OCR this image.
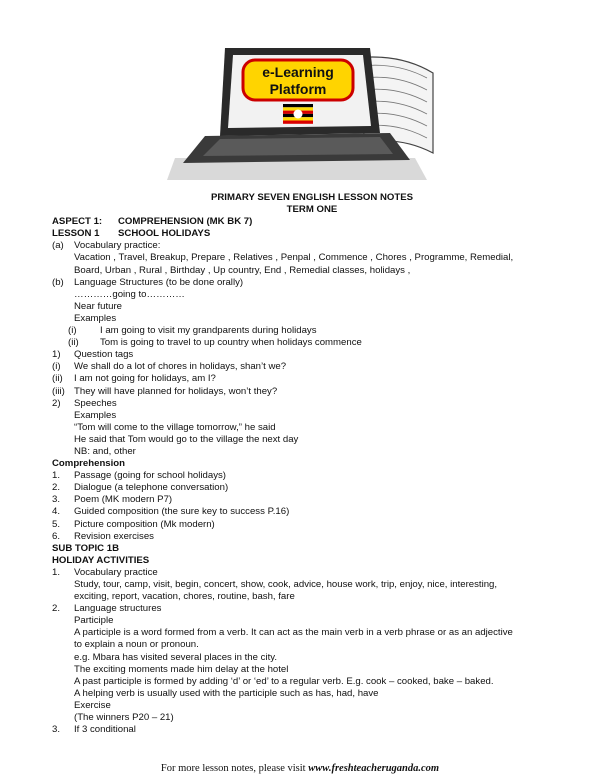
e-Learning
Platform
PRIMARY SEVEN ENGLISH LESSON NOTES
TERM ONE
ASPECT 1: COMPREHENSION (MK BK 7)
LESSON 1 SCHOOL HOLIDAYS
(a)	Vocabulary practice:
Vacation , Travel, Breakup, Prepare , Relatives , Penpal , Commence , Chores , Programme, Remedial,
Board, Urban , Rural , Birthday , Up country, End , Remedial classes, holidays ,
(b)	Language Structures (to be done orally)
…………going to…………
Near future
Examples
(i)	I am going to visit my grandparents during holidays
(ii)	Tom is going to travel to up country when holidays commence
1)	Question tags
(i)	We shall do a lot of chores in holidays, shan’t we?
(ii)	I am not going for holidays, am I?
(iii) They will have planned for holidays, won’t they?
2)	Speeches
Examples
“Tom will come to the village tomorrow,” he said
He said that Tom would go to the village the next day
NB: and, other
Comprehension
1.	Passage (going for school holidays)
2.	Dialogue (a telephone conversation)
3.	Poem (MK modern P7)
4.	Guided composition (the sure key to success P.16)
5.	Picture composition (Mk modern)
6.	Revision exercises
SUB TOPIC 1B
HOLIDAY ACTIVITIES
1.	Vocabulary practice
Study, tour, camp, visit, begin, concert, show, cook, advice, house work, trip, enjoy, nice, interesting,
exciting, report, vacation, chores, routine, bash, fare
2.	Language structures
Participle
A participle is a word formed from a verb. It can act as the main verb in a verb phrase or as an adjective
to explain a noun or pronoun.
e.g. Mbara has visited several places in the city.
The exciting moments made him delay at the hotel
A past participle is formed by adding ‘d’ or ‘ed’ to a regular verb. E.g. cook – cooked, bake – baked.
A helping verb is usually used with the participle such as has, had, have
Exercise
(The winners P20 – 21)
3.	If 3 conditional
For more lesson notes, please visit www.freshteacheruganda.com
